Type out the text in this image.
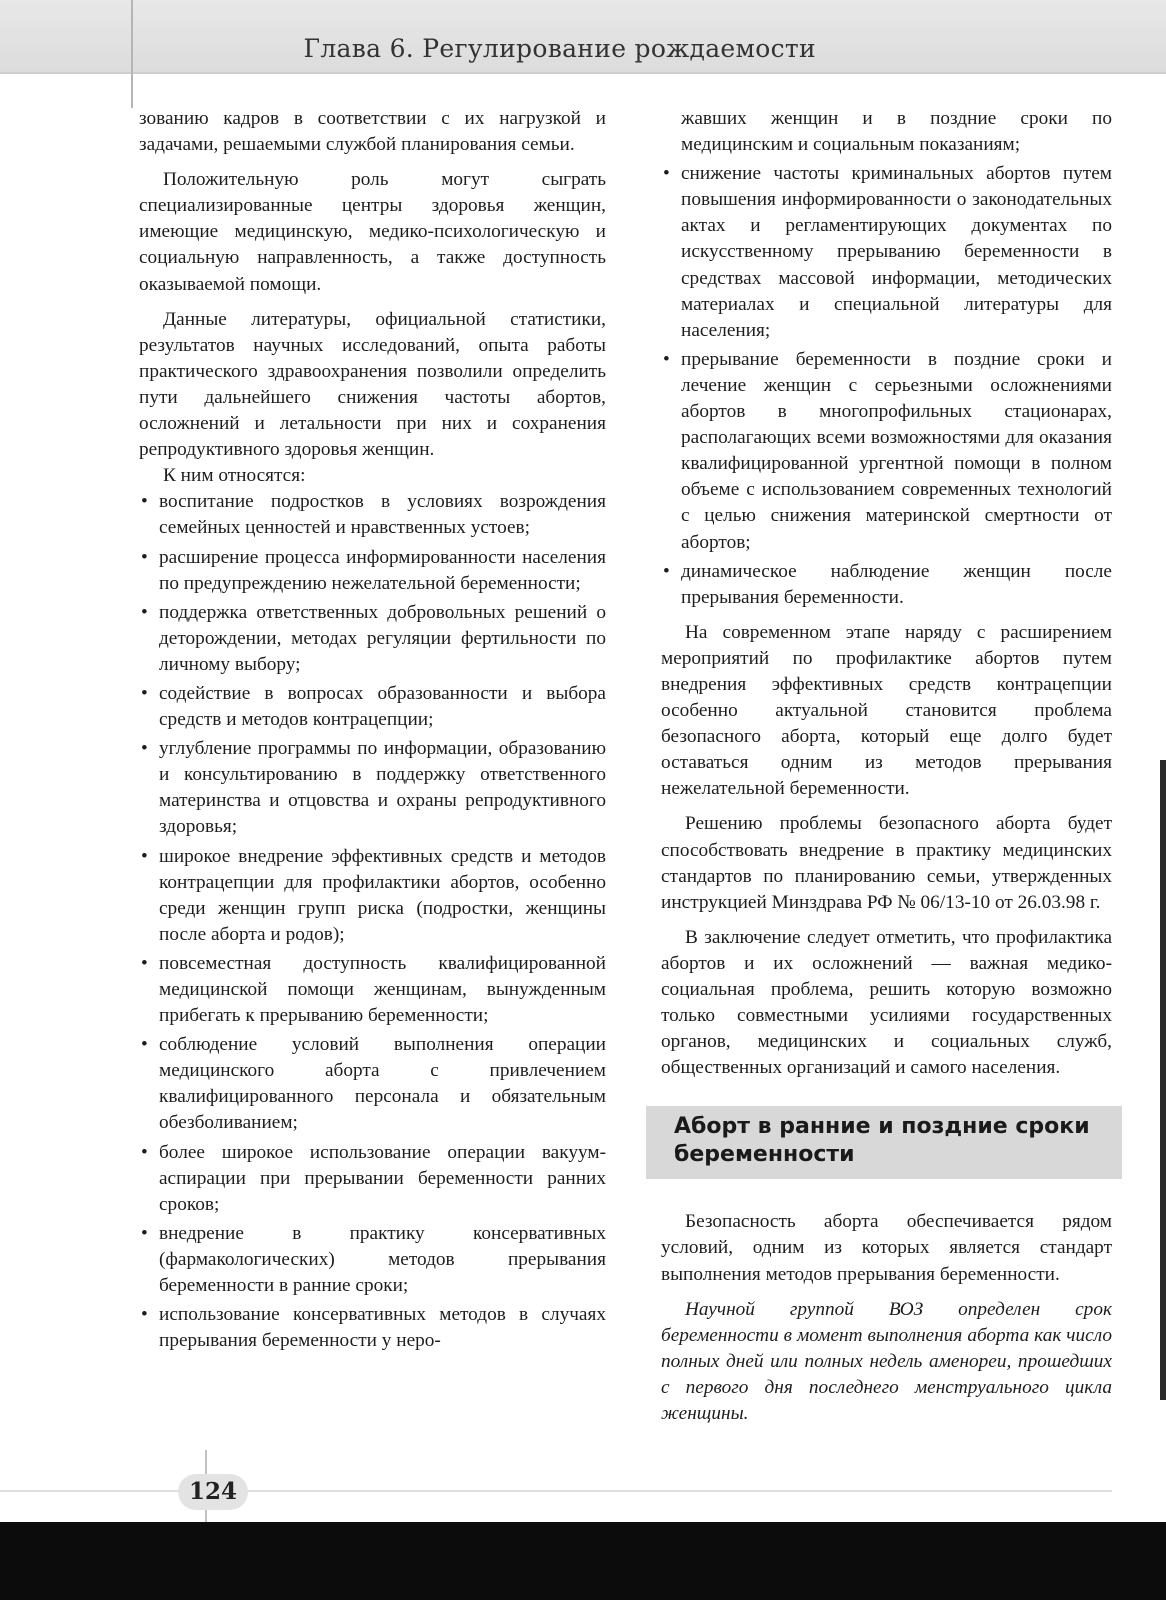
Глава 6. Регулирование рождаемости

зованию кадров в соответствии с их нагрузкой и задачами, решаемыми службой планирования семьи.

Положительную роль могут сыграть специализированные центры здоровья женщин, имеющие медицинскую, медико-психологическую и социальную направленность, а также доступность оказываемой помощи.

Данные литературы, официальной статистики, результатов научных исследований, опыта работы практического здравоохранения позволили определить пути дальнейшего снижения частоты абортов, осложнений и летальности при них и сохранения репродуктивного здоровья женщин.

К ним относятся:

• воспитание подростков в условиях возрождения семейных ценностей и нравственных устоев;
• расширение процесса информированности населения по предупреждению нежелательной беременности;
• поддержка ответственных добровольных решений о деторождении, методах регуляции фертильности по личному выбору;
• содействие в вопросах образованности и выбора средств и методов контрацепции;
• углубление программы по информации, образованию и консультированию в поддержку ответственного материнства и отцовства и охраны репродуктивного здоровья;
• широкое внедрение эффективных средств и методов контрацепции для профилактики абортов, особенно среди женщин групп риска (подростки, женщины после аборта и родов);
• повсеместная доступность квалифицированной медицинской помощи женщинам, вынужденным прибегать к прерыванию беременности;
• соблюдение условий выполнения операции медицинского аборта с привлечением квалифицированного персонала и обязательным обезболиванием;
• более широкое использование операции вакуум-аспирации при прерывании беременности ранних сроков;
• внедрение в практику консервативных (фармакологических) методов прерывания беременности в ранние сроки;
• использование консервативных методов в случаях прерывания беременности у неро-

жавших женщин и в поздние сроки по медицинским и социальным показаниям;

• снижение частоты криминальных абортов путем повышения информированности о законодательных актах и регламентирующих документах по искусственному прерыванию беременности в средствах массовой информации, методических материалах и специальной литературы для населения;
• прерывание беременности в поздние сроки и лечение женщин с серьезными осложнениями абортов в многопрофильных стационарах, располагающих всеми возможностями для оказания квалифицированной ургентной помощи в полном объеме с использованием современных технологий с целью снижения материнской смертности от абортов;
• динамическое наблюдение женщин после прерывания беременности.

На современном этапе наряду с расширением мероприятий по профилактике абортов путем внедрения эффективных средств контрацепции особенно актуальной становится проблема безопасного аборта, который еще долго будет оставаться одним из методов прерывания нежелательной беременности.

Решению проблемы безопасного аборта будет способствовать внедрение в практику медицинских стандартов по планированию семьи, утвержденных инструкцией Минздрава РФ № 06/13-10 от 26.03.98 г.

В заключение следует отметить, что профилактика абортов и их осложнений — важная медико-социальная проблема, решить которую возможно только совместными усилиями государственных органов, медицинских и социальных служб, общественных организаций и самого населения.

Аборт в ранние и поздние сроки беременности

Безопасность аборта обеспечивается рядом условий, одним из которых является стандарт выполнения методов прерывания беременности.

Научной группой ВОЗ определен срок беременности в момент выполнения аборта как число полных дней или полных недель аменореи, прошедших с первого дня последнего менструального цикла женщины.

124
